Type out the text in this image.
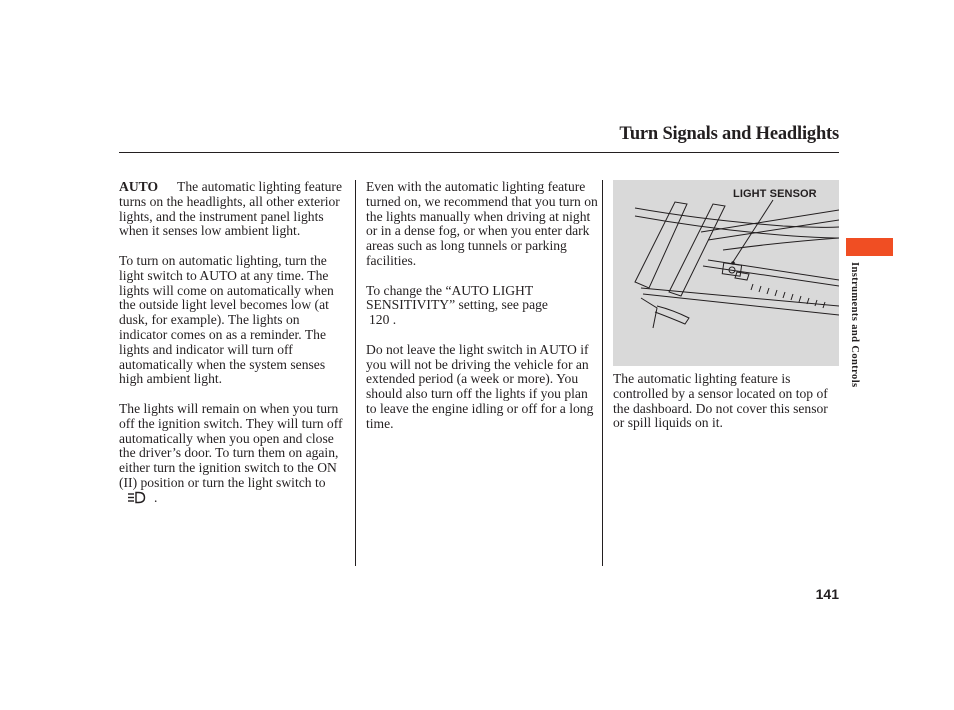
Turn Signals and Headlights

AUTO The automatic lighting feature turns on the headlights, all other exterior lights, and the instrument panel lights when it senses low ambient light.

To turn on automatic lighting, turn the light switch to AUTO at any time. The lights will come on automatically when the outside light level becomes low (at dusk, for example). The lights on indicator comes on as a reminder. The lights and indicator will turn off automatically when the system senses high ambient light.

The lights will remain on when you turn off the ignition switch. They will turn off automatically when you open and close the driver’s door. To turn them on again, either turn the ignition switch to the ON (II) position or turn the light switch to
.

Even with the automatic lighting feature turned on, we recommend that you turn on the lights manually when driving at night or in a dense fog, or when you enter dark areas such as long tunnels or parking facilities.

To change the “AUTO LIGHT SENSITIVITY” setting, see page
120 .

Do not leave the light switch in AUTO if you will not be driving the vehicle for an extended period (a week or more). You should also turn off the lights if you plan to leave the engine idling or off for a long time.

LIGHT SENSOR
The automatic lighting feature is controlled by a sensor located on top of the dashboard. Do not cover this sensor or spill liquids on it.
Instruments and Controls
141
